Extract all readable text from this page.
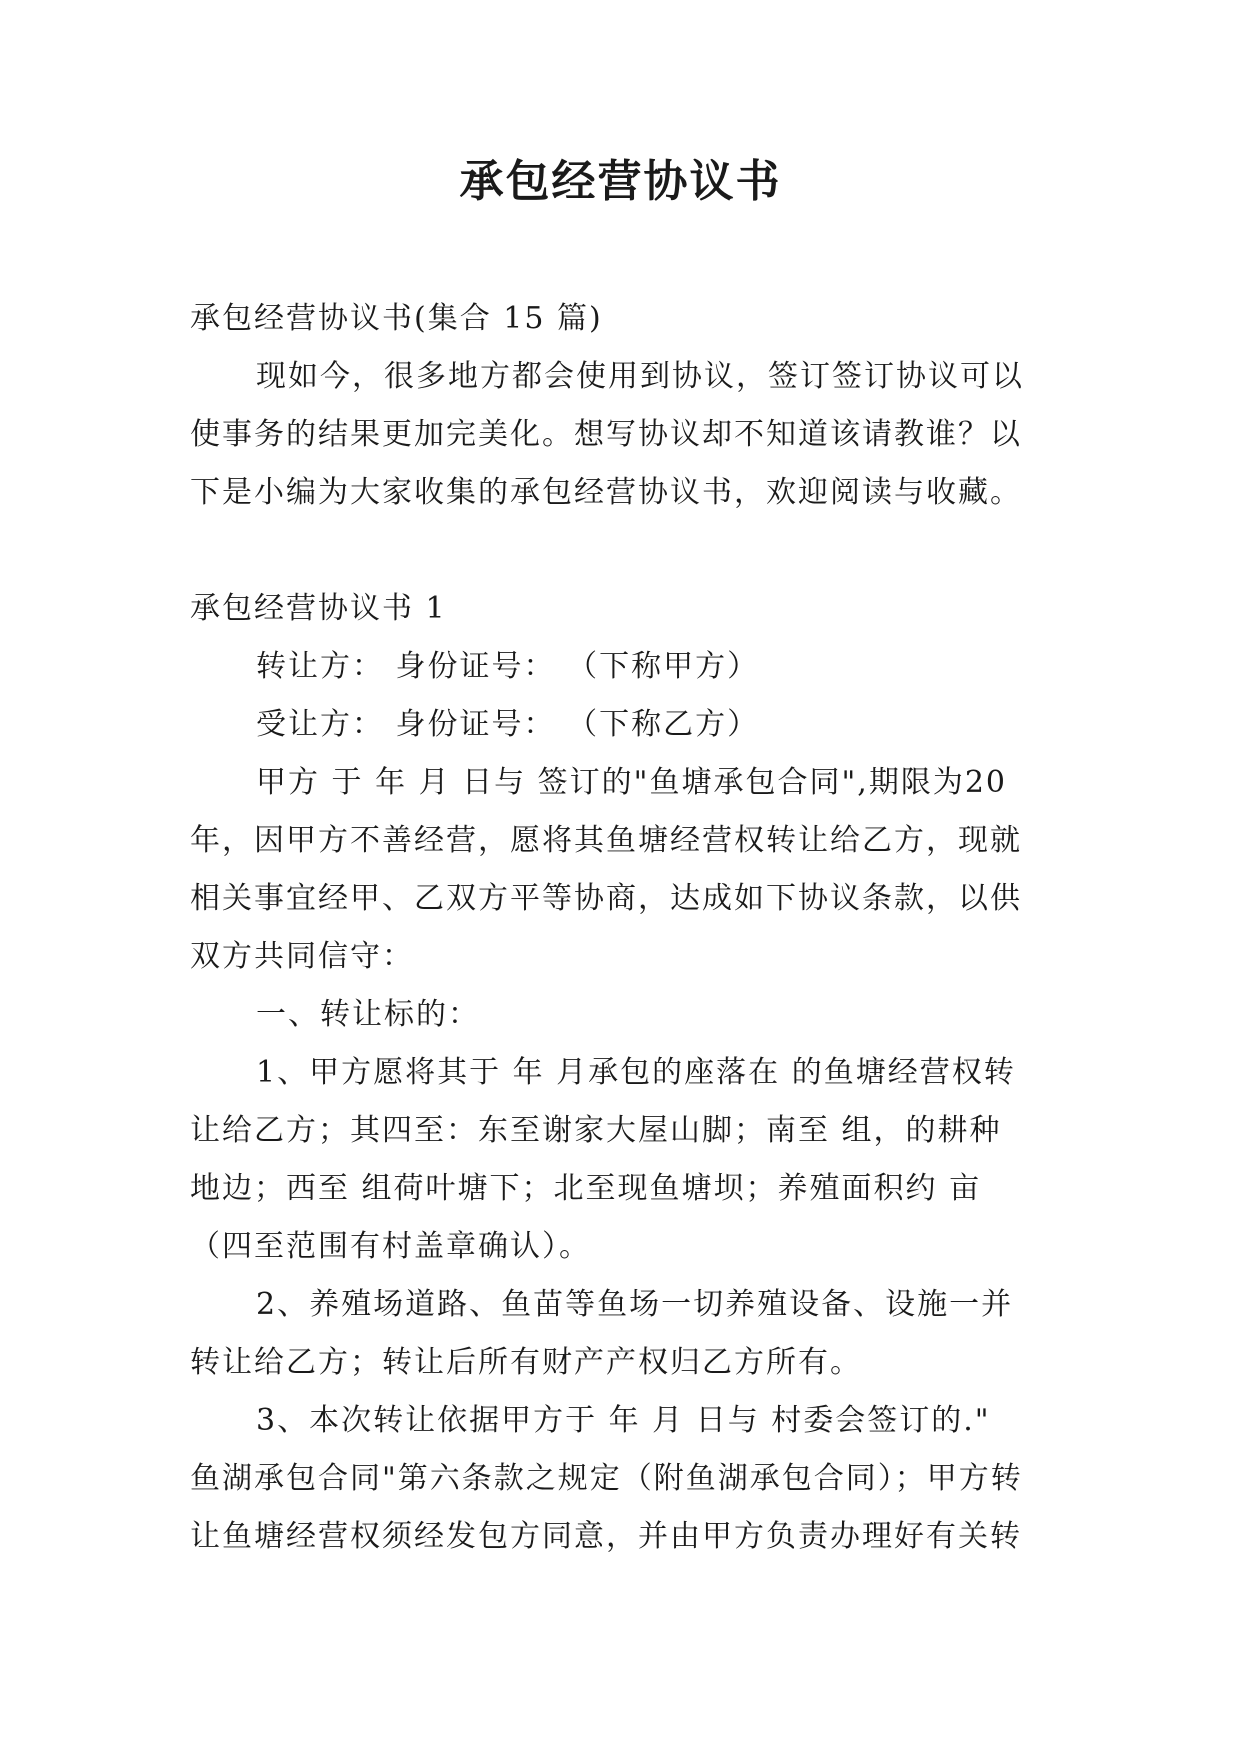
承包经营协议书

承包经营协议书(集合 15 篇)

现如今，很多地方都会使用到协议，签订签订协议可以

使事务的结果更加完美化。想写协议却不知道该请教谁？以

下是小编为大家收集的承包经营协议书，欢迎阅读与收藏。

承包经营协议书 1

转让方： 身份证号： （下称甲方）

受让方： 身份证号： （下称乙方）

甲方 于 年 月 日与 签订的"鱼塘承包合同",期限为20

年，因甲方不善经营，愿将其鱼塘经营权转让给乙方，现就

相关事宜经甲、乙双方平等协商，达成如下协议条款，以供

双方共同信守：

一、转让标的：

1、甲方愿将其于 年 月承包的座落在 的鱼塘经营权转

让给乙方；其四至：东至谢家大屋山脚；南至 组，的耕种

地边；西至 组荷叶塘下；北至现鱼塘坝；养殖面积约 亩

（四至范围有村盖章确认）。

2、养殖场道路、鱼苗等鱼场一切养殖设备、设施一并

转让给乙方；转让后所有财产产权归乙方所有。

3、本次转让依据甲方于 年 月 日与 村委会签订的."

鱼湖承包合同"第六条款之规定（附鱼湖承包合同）；甲方转

让鱼塘经营权须经发包方同意，并由甲方负责办理好有关转
